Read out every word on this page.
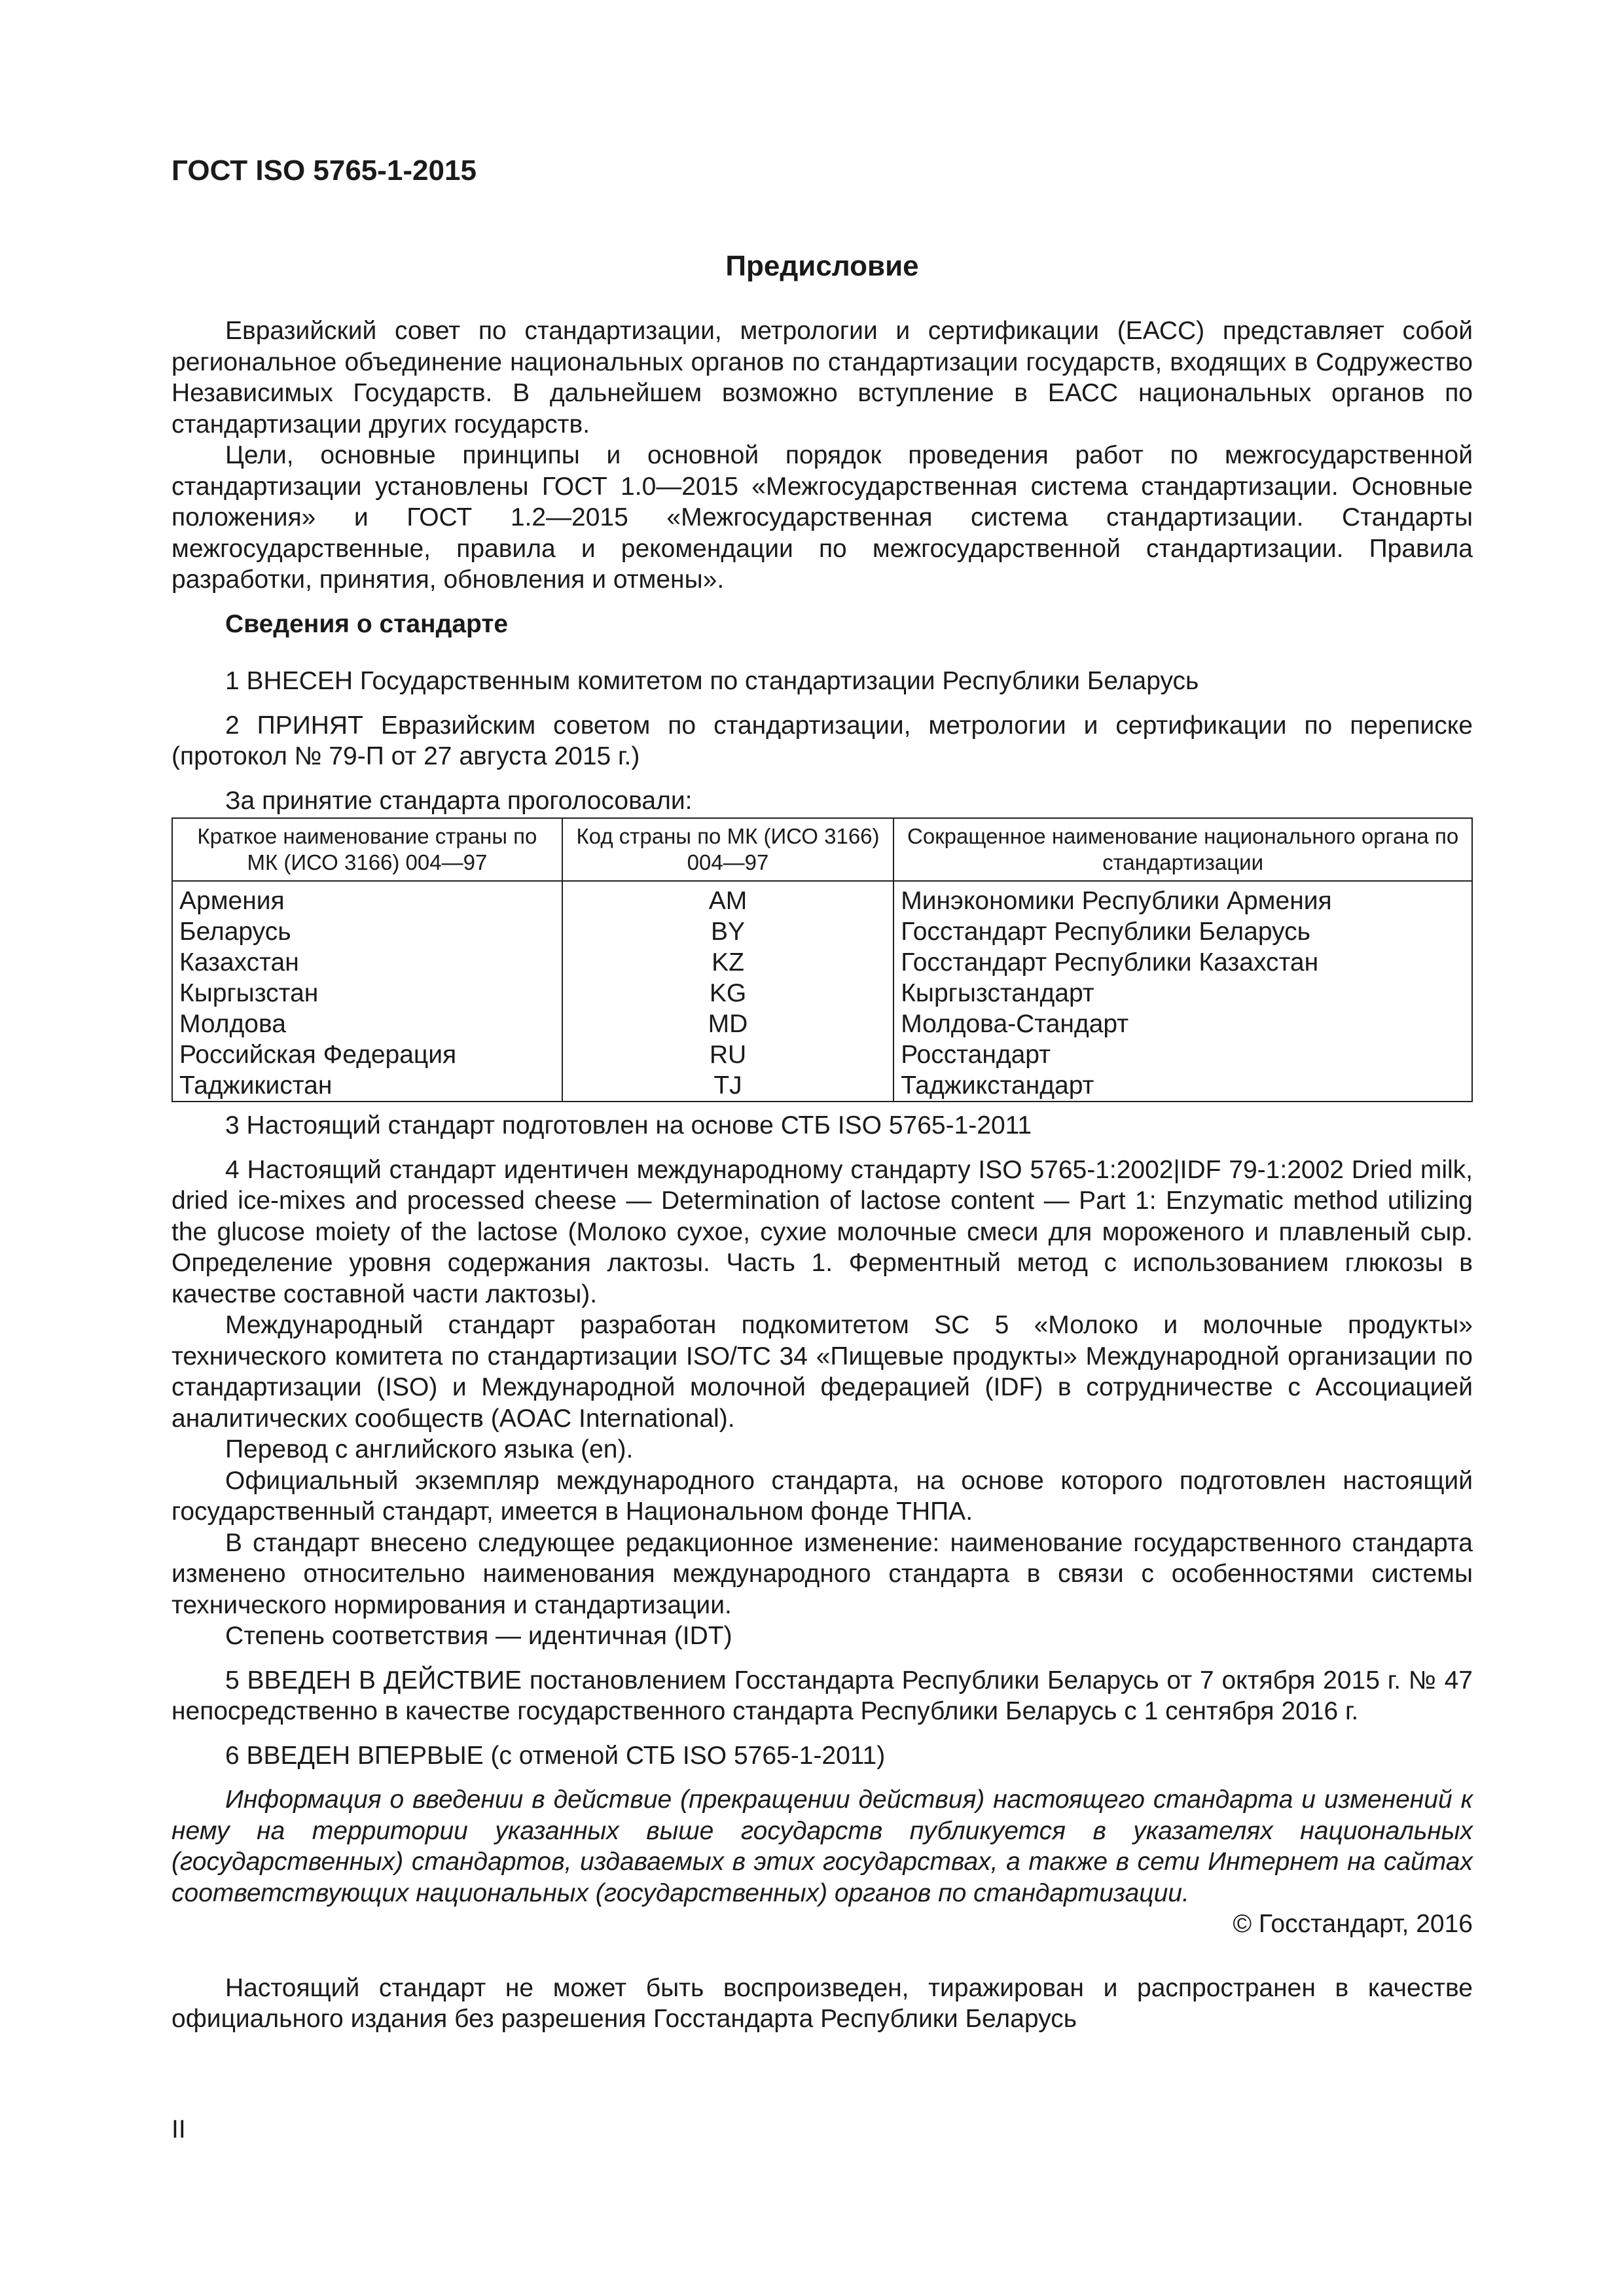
ГОСТ ISO 5765-1-2015
Предисловие

Евразийский совет по стандартизации, метрологии и сертификации (ЕАСС) представляет собой региональное объединение национальных органов по стандартизации государств, входящих в Содружество Независимых Государств. В дальнейшем возможно вступление в ЕАСС национальных органов по стандартизации других государств.

Цели, основные принципы и основной порядок проведения работ по межгосударственной стандартизации установлены ГОСТ 1.0—2015 «Межгосударственная система стандартизации. Основные положения» и ГОСТ 1.2—2015 «Межгосударственная система стандартизации. Стандарты межгосударственные, правила и рекомендации по межгосударственной стандартизации. Правила разработки, принятия, обновления и отмены».

Сведения о стандарте

1 ВНЕСЕН Государственным комитетом по стандартизации Республики Беларусь

2 ПРИНЯТ Евразийским советом по стандартизации, метрологии и сертификации по переписке (протокол № 79-П от 27 августа 2015 г.)

За принятие стандарта проголосовали:

Краткое наименование страны по МК (ИСО 3166) 004—97	Код страны по МК (ИСО 3166) 004—97	Сокращенное наименование национального органа по стандартизации
Армения	AM	Минэкономики Республики Армения
Беларусь	BY	Госстандарт Республики Беларусь
Казахстан	KZ	Госстандарт Республики Казахстан
Кыргызстан	KG	Кыргызстандарт
Молдова	MD	Молдова-Стандарт
Российская Федерация	RU	Росстандарт
Таджикистан	TJ	Таджикстандарт

3 Настоящий стандарт подготовлен на основе СТБ ISO 5765-1-2011

4 Настоящий стандарт идентичен международному стандарту ISO 5765-1:2002|IDF 79-1:2002 Dried milk, dried ice-mixes and processed cheese — Determination of lactose content — Part 1: Enzymatic method utilizing the glucose moiety of the lactose (Молоко сухое, сухие молочные смеси для мороженого и плавленый сыр. Определение уровня содержания лактозы. Часть 1. Ферментный метод с использованием глюкозы в качестве составной части лактозы).

Международный стандарт разработан подкомитетом SC 5 «Молоко и молочные продукты» технического комитета по стандартизации ISO/TC 34 «Пищевые продукты» Международной организации по стандартизации (ISO) и Международной молочной федерацией (IDF) в сотрудничестве с Ассоциацией аналитических сообществ (AOAC International).

Перевод с английского языка (en).

Официальный экземпляр международного стандарта, на основе которого подготовлен настоящий государственный стандарт, имеется в Национальном фонде ТНПА.

В стандарт внесено следующее редакционное изменение: наименование государственного стандарта изменено относительно наименования международного стандарта в связи с особенностями системы технического нормирования и стандартизации.

Степень соответствия — идентичная (IDT)

5 ВВЕДЕН В ДЕЙСТВИЕ постановлением Госстандарта Республики Беларусь от 7 октября 2015 г. № 47 непосредственно в качестве государственного стандарта Республики Беларусь с 1 сентября 2016 г.

6 ВВЕДЕН ВПЕРВЫЕ (с отменой СТБ ISO 5765-1-2011)

Информация о введении в действие (прекращении действия) настоящего стандарта и изменений к нему на территории указанных выше государств публикуется в указателях национальных (государственных) стандартов, издаваемых в этих государствах, а также в сети Интернет на сайтах соответствующих национальных (государственных) органов по стандартизации.

© Госстандарт, 2016

Настоящий стандарт не может быть воспроизведен, тиражирован и распространен в качестве официального издания без разрешения Госстандарта Республики Беларусь

II
